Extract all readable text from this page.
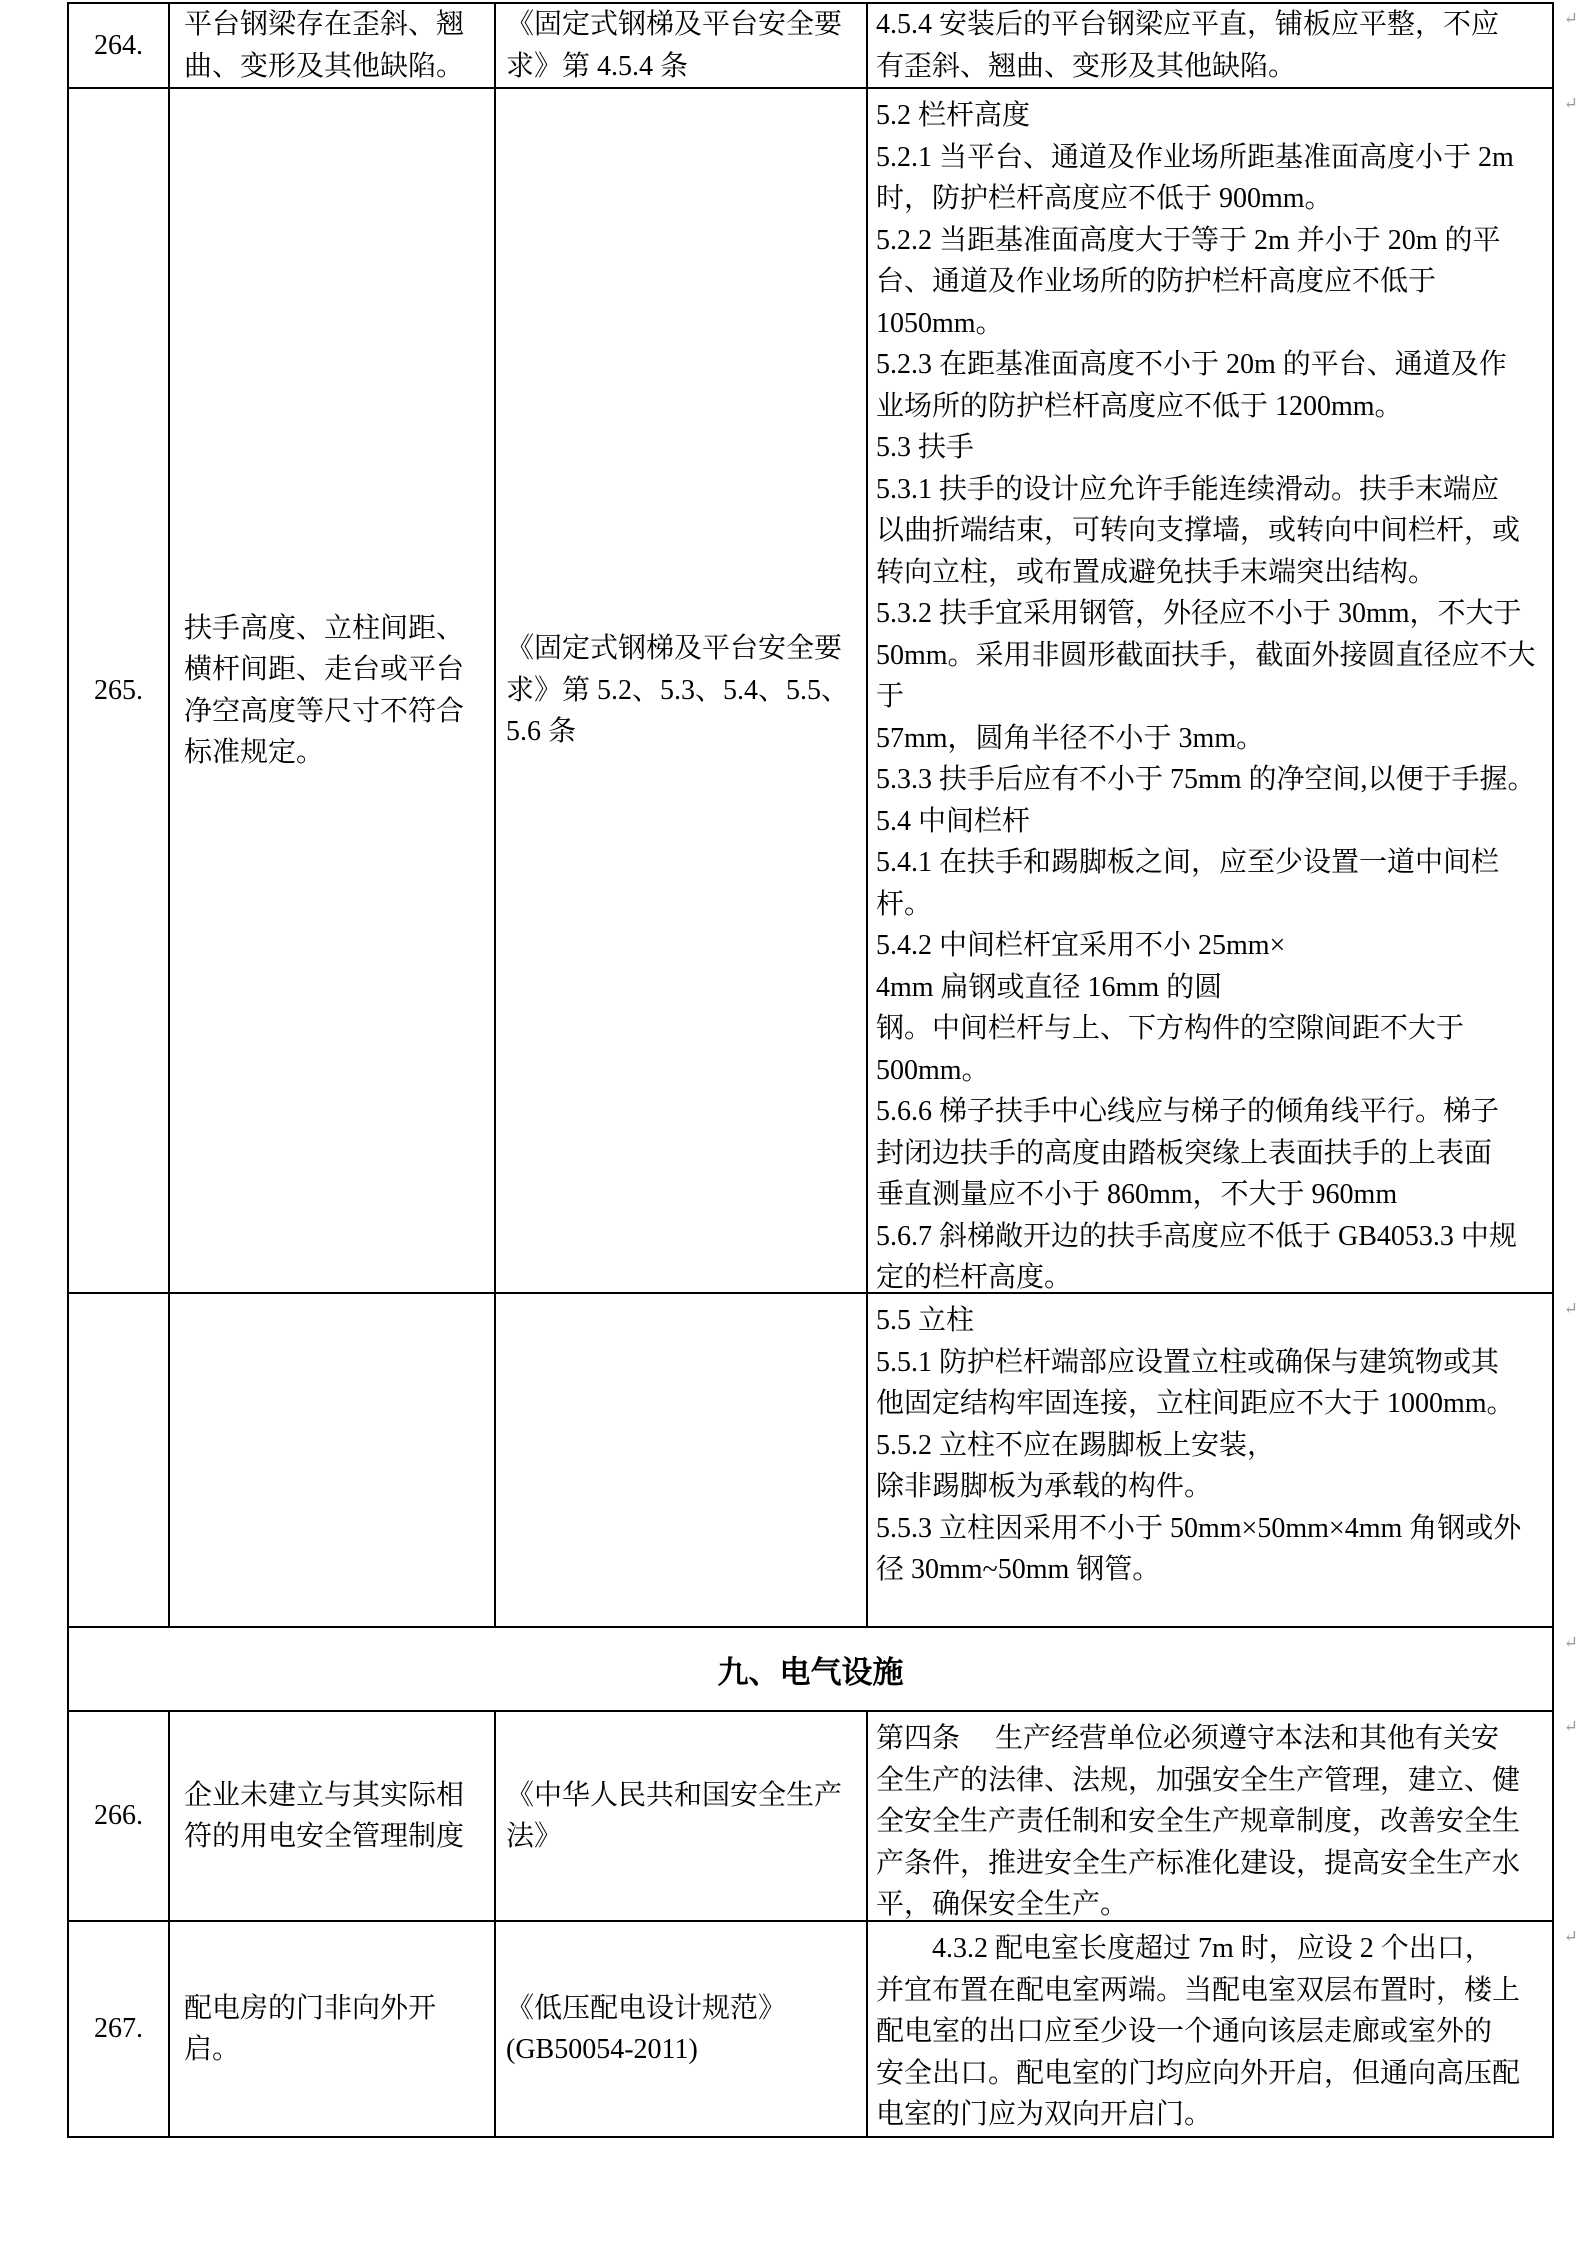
264.
平台钢梁存在歪斜、翘
曲、变形及其他缺陷。
《固定式钢梯及平台安全要
求》第 4.5.4 条
4.5.4 安装后的平台钢梁应平直，铺板应平整，不应
有歪斜、翘曲、变形及其他缺陷。
↵
265.
扶手高度、立柱间距、
横杆间距、走台或平台
净空高度等尺寸不符合
标准规定。
《固定式钢梯及平台安全要
求》第 5.2、5.3、5.4、5.5、
5.6 条
5.2 栏杆高度
5.2.1 当平台、通道及作业场所距基准面高度小于 2m
时，防护栏杆高度应不低于 900mm。
5.2.2 当距基准面高度大于等于 2m 并小于 20m 的平
台、通道及作业场所的防护栏杆高度应不低于
1050mm。
5.2.3 在距基准面高度不小于 20m 的平台、通道及作
业场所的防护栏杆高度应不低于 1200mm。
5.3 扶手
5.3.1 扶手的设计应允许手能连续滑动。扶手末端应
以曲折端结束，可转向支撑墙，或转向中间栏杆，或
转向立柱，或布置成避免扶手末端突出结构。
5.3.2 扶手宜采用钢管，外径应不小于 30mm，不大于
50mm。采用非圆形截面扶手，截面外接圆直径应不大
于
57mm，圆角半径不小于 3mm。
5.3.3 扶手后应有不小于 75mm 的净空间,以便于手握。
5.4 中间栏杆
5.4.1 在扶手和踢脚板之间，应至少设置一道中间栏
杆。
5.4.2 中间栏杆宜采用不小 25mm×
4mm 扁钢或直径 16mm 的圆
钢。中间栏杆与上、下方构件的空隙间距不大于
500mm。
5.6.6 梯子扶手中心线应与梯子的倾角线平行。梯子
封闭边扶手的高度由踏板突缘上表面扶手的上表面
垂直测量应不小于 860mm，不大于 960mm
5.6.7 斜梯敞开边的扶手高度应不低于 GB4053.3 中规
定的栏杆高度。
↵
5.5 立柱
5.5.1 防护栏杆端部应设置立柱或确保与建筑物或其
他固定结构牢固连接，立柱间距应不大于 1000mm。
5.5.2 立柱不应在踢脚板上安装，
除非踢脚板为承载的构件。
5.5.3 立柱因采用不小于 50mm×50mm×4mm 角钢或外
径 30mm~50mm 钢管。
↵
九、电气设施
↵
266.
企业未建立与其实际相
符的用电安全管理制度
《中华人民共和国安全生产
法》
第四条　 生产经营单位必须遵守本法和其他有关安
全生产的法律、法规，加强安全生产管理，建立、健
全安全生产责任制和安全生产规章制度，改善安全生
产条件，推进安全生产标准化建设，提高安全生产水
平，确保安全生产。
↵
267.
配电房的门非向外开
启。
《低压配电设计规范》
(GB50054-2011)
　　4.3.2 配电室长度超过 7m 时，应设 2 个出口，
并宜布置在配电室两端。当配电室双层布置时，楼上
配电室的出口应至少设一个通向该层走廊或室外的
安全出口。配电室的门均应向外开启，但通向高压配
电室的门应为双向开启门。
↵
